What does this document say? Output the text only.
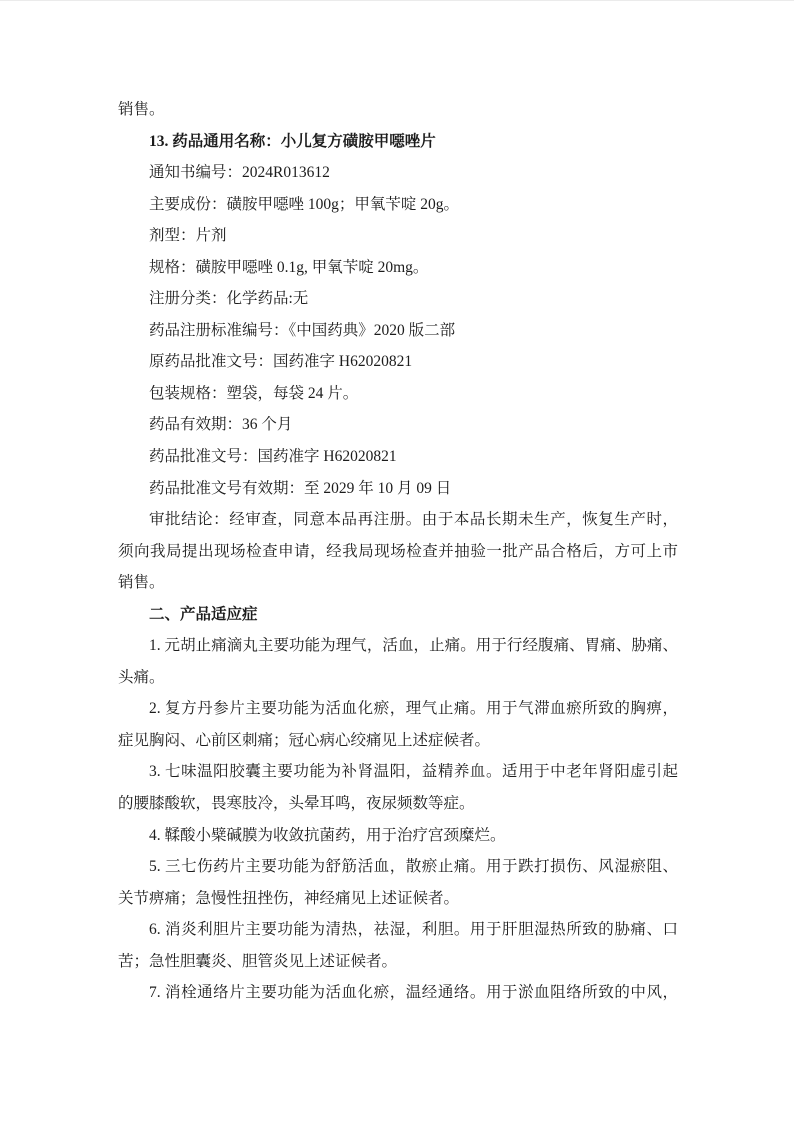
销售。
13. 药品通用名称：小儿复方磺胺甲噁唑片
通知书编号：2024R013612
主要成份：磺胺甲噁唑 100g；甲氧苄啶 20g。
剂型：片剂
规格：磺胺甲噁唑 0.1g, 甲氧苄啶 20mg。
注册分类：化学药品:无
药品注册标准编号：《中国药典》2020 版二部
原药品批准文号：国药准字 H62020821
包装规格：塑袋，每袋 24 片。
药品有效期：36 个月
药品批准文号：国药准字 H62020821
药品批准文号有效期：至 2029 年 10 月 09 日
审批结论：经审查，同意本品再注册。由于本品长期未生产，恢复生产时，
须向我局提出现场检查申请，经我局现场检查并抽验一批产品合格后，方可上市
销售。
二、产品适应症
1. 元胡止痛滴丸主要功能为理气，活血，止痛。用于行经腹痛、胃痛、胁痛、
头痛。
2. 复方丹参片主要功能为活血化瘀，理气止痛。用于气滞血瘀所致的胸痹，
症见胸闷、心前区刺痛；冠心病心绞痛见上述症候者。
3. 七味温阳胶囊主要功能为补肾温阳，益精养血。适用于中老年肾阳虚引起
的腰膝酸软，畏寒肢冷，头晕耳鸣，夜尿频数等症。
4. 鞣酸小檗碱膜为收敛抗菌药，用于治疗宫颈糜烂。
5. 三七伤药片主要功能为舒筋活血，散瘀止痛。用于跌打损伤、风湿瘀阻、
关节痹痛；急慢性扭挫伤，神经痛见上述证候者。
6. 消炎利胆片主要功能为清热，祛湿，利胆。用于肝胆湿热所致的胁痛、口
苦；急性胆囊炎、胆管炎见上述证候者。
7. 消栓通络片主要功能为活血化瘀，温经通络。用于淤血阻络所致的中风，
